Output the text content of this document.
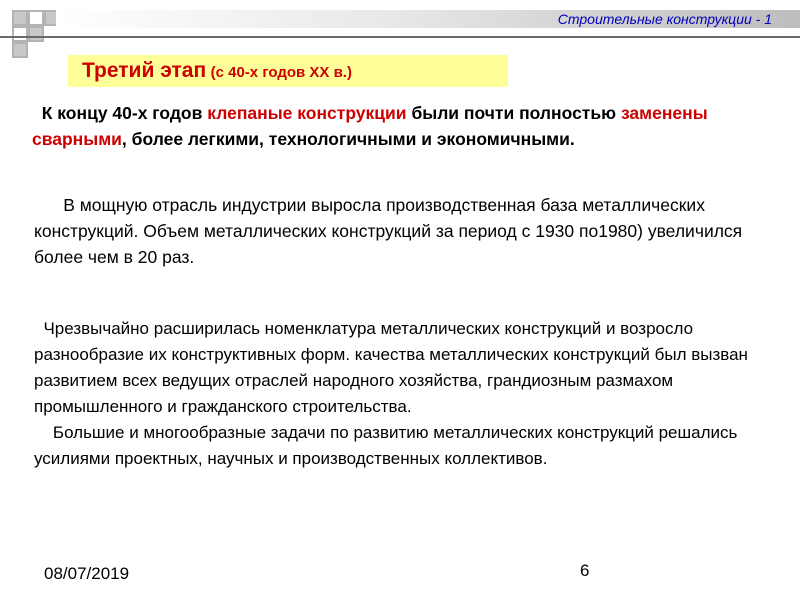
Строительные конструкции - 1
Третий этап (с 40-х годов ХХ в.)
К концу 40-х годов клепаные конструкции были почти полностью заменены сварными, более легкими, технологичными и экономичными.
В мощную отрасль индустрии выросла производственная база металлических конструкций. Объем металлических конструкций за период с 1930 по1980) увеличился более чем в 20 раз.
Чрезвычайно расширилась номенклатура металлических конструкций и возросло разнообразие их конструктивных форм. качества металлических конструкций был вызван развитием всех ведущих отраслей народного хозяйства, грандиозным размахом промышленного и гражданского строительства.
Большие и многообразные задачи по развитию металлических конструкций решались усилиями проектных, научных и производственных коллективов.
08/07/2019	6
